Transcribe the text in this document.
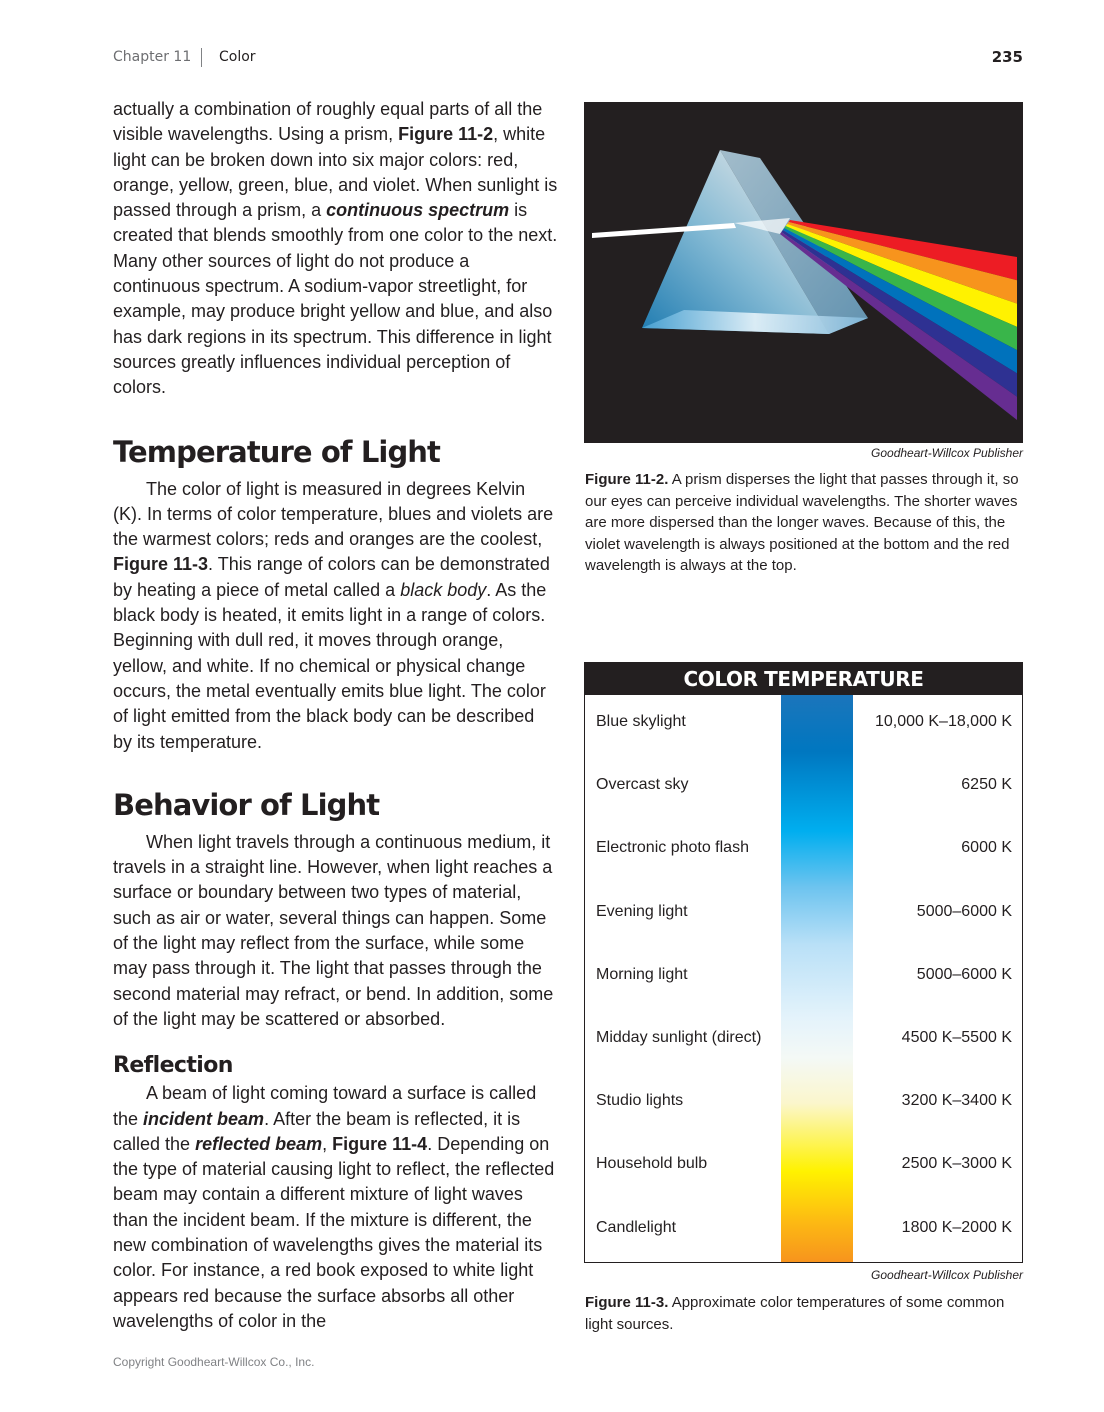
Chapter 11 Color	235

actually a combination of roughly equal parts of all the visible wavelengths. Using a prism, Figure 11-2, white light can be broken down into six major colors: red, orange, yellow, green, blue, and violet. When sunlight is passed through a prism, a continuous spectrum is created that blends smoothly from one color to the next. Many other sources of light do not produce a continuous spectrum. A sodium-vapor streetlight, for example, may produce bright yellow and blue, and also has dark regions in its spectrum. This difference in light sources greatly influences individual perception of colors.

Temperature of Light

The color of light is measured in degrees Kelvin (K). In terms of color temperature, blues and violets are the warmest colors; reds and oranges are the coolest, Figure 11-3. This range of colors can be demonstrated by heating a piece of metal called a black body. As the black body is heated, it emits light in a range of colors. Beginning with dull red, it moves through orange, yellow, and white. If no chemical or physical change occurs, the metal eventually emits blue light. The color of light emitted from the black body can be described by its temperature.

Behavior of Light

When light travels through a continuous medium, it travels in a straight line. However, when light reaches a surface or boundary between two types of material, such as air or water, several things can happen. Some of the light may reflect from the surface, while some may pass through it. The light that passes through the second material may refract, or bend. In addition, some of the light may be scattered or absorbed.

Reflection

A beam of light coming toward a surface is called the incident beam. After the beam is reflected, it is called the reflected beam, Figure 11-4. Depending on the type of material causing light to reflect, the reflected beam may contain a different mixture of light waves than the incident beam. If the mixture is different, the new combination of wavelengths gives the material its color. For instance, a red book exposed to white light appears red because the surface absorbs all other wavelengths of color in the

Goodheart-Willcox Publisher

Figure 11-2. A prism disperses the light that passes through it, so our eyes can perceive individual wavelengths. The shorter waves are more dispersed than the longer waves. Because of this, the violet wavelength is always positioned at the bottom and the red wavelength is always at the top.

COLOR TEMPERATURE
Blue skylight	10,000 K–18,000 K
Overcast sky	6250 K
Electronic photo flash	6000 K
Evening light	5000–6000 K
Morning light	5000–6000 K
Midday sunlight (direct)	4500 K–5500 K
Studio lights	3200 K–3400 K
Household bulb	2500 K–3000 K
Candlelight	1800 K–2000 K
Goodheart-Willcox Publisher

Figure 11-3. Approximate color temperatures of some common light sources.

Copyright Goodheart-Willcox Co., Inc.
